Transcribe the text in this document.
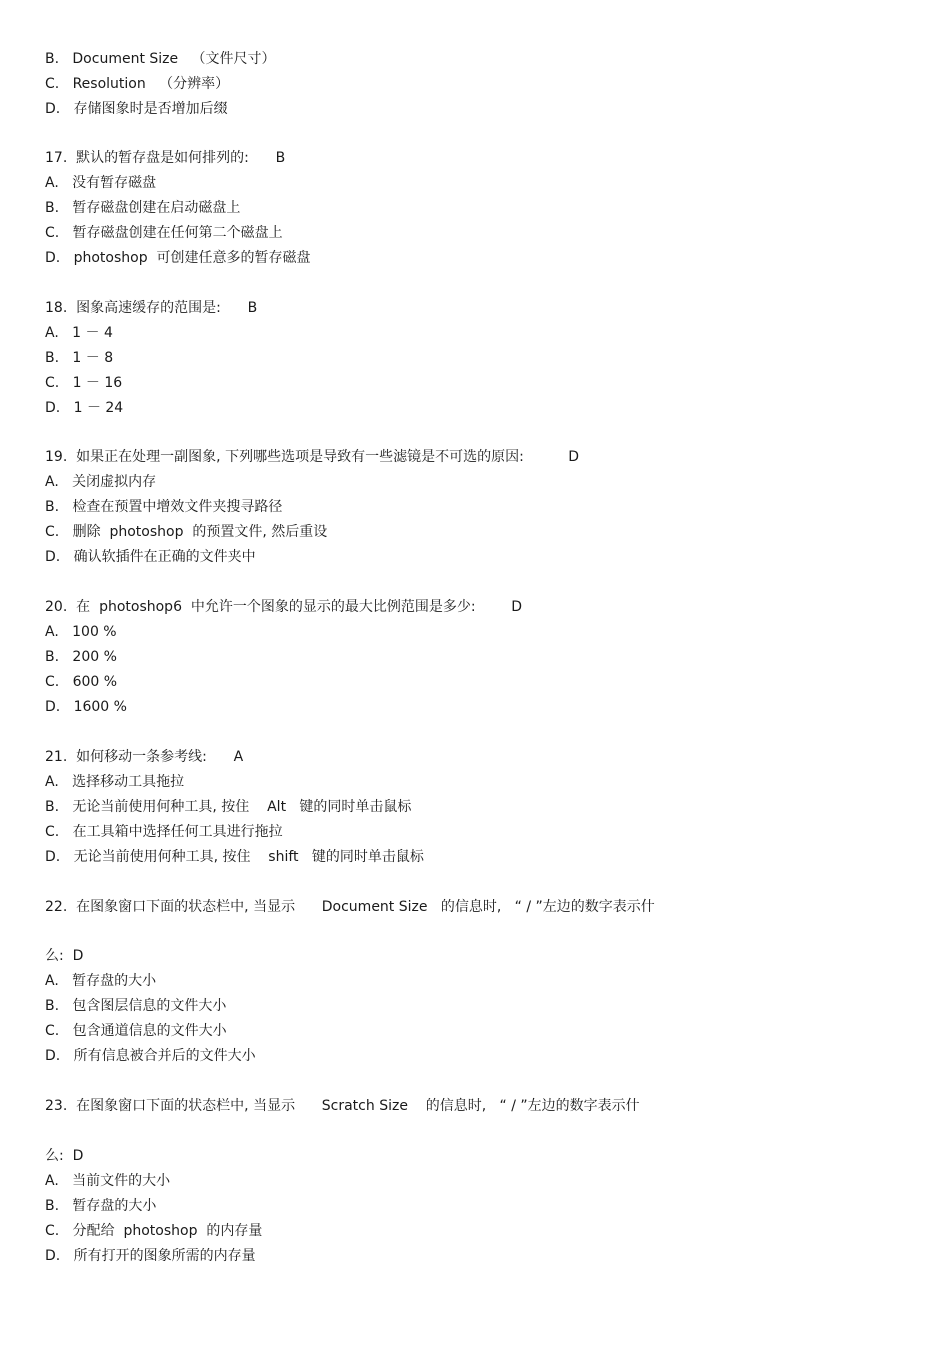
B.   Document Size   （文件尺寸）
C.   Resolution   （分辨率）
D.   存储图象时是否增加后缀
17.  默认的暂存盘是如何排列的:      B
A.   没有暂存磁盘
B.   暂存磁盘创建在启动磁盘上
C.   暂存磁盘创建在任何第二个磁盘上
D.   photoshop  可创建任意多的暂存磁盘
18.  图象高速缓存的范围是:      B
A.   1 － 4
B.   1 － 8
C.   1 － 16
D.   1 － 24
19.  如果正在处理一副图象, 下列哪些选项是导致有一些滤镜是不可选的原因:          D
A.   关闭虚拟内存
B.   检查在预置中增效文件夹搜寻路径
C.   删除  photoshop  的预置文件, 然后重设
D.   确认软插件在正确的文件夹中
20.  在  photoshop6  中允许一个图象的显示的最大比例范围是多少:        D
A.   100 %
B.   200 %
C.   600 %
D.   1600 %
21.  如何移动一条参考线:      A
A.   选择移动工具拖拉
B.   无论当前使用何种工具, 按住    Alt   键的同时单击鼠标
C.   在工具箱中选择任何工具进行拖拉
D.   无论当前使用何种工具, 按住    shift   键的同时单击鼠标
22.  在图象窗口下面的状态栏中, 当显示      Document Size   的信息时,   “ / ”左边的数字表示什
么:  D
A.   暂存盘的大小
B.   包含图层信息的文件大小
C.   包含通道信息的文件大小
D.   所有信息被合并后的文件大小
23.  在图象窗口下面的状态栏中, 当显示      Scratch Size    的信息时,   “ / ”左边的数字表示什
么:  D
A.   当前文件的大小
B.   暂存盘的大小
C.   分配给  photoshop  的内存量
D.   所有打开的图象所需的内存量
